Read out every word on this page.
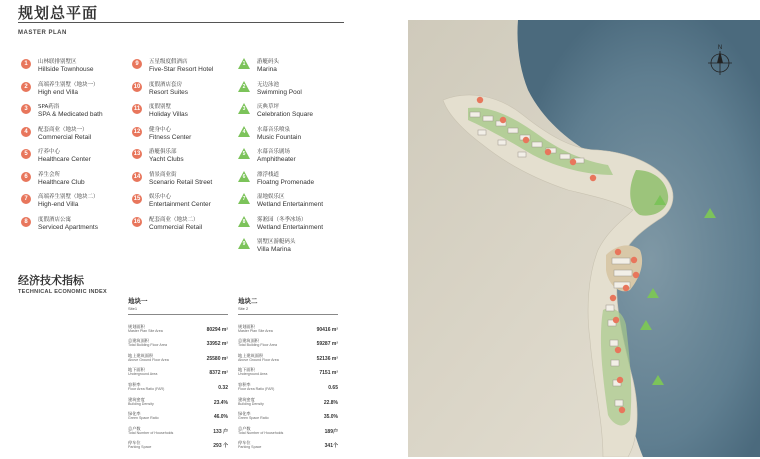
规划总平面
MASTER PLAN
1	山林联排别墅区
Hillside Townhouse
2	高端养生别墅（地块一）
High end Villa
3	SPA药浴
SPA & Medicated bath
4	配套商业（地块一）
Commercial Retail
5	疗养中心
Healthcare Center
6	养生会所
Healthcare Club
7	高端养生别墅（地块二）
High-end Villa
8	度假酒店公寓
Serviced Apartments
9	五星级度假酒店
Five-Star Resort Hotel
10	度假酒店套房
Resort Suites
11	度假别墅
Holiday Villas
12	健身中心
Fitness Center
13	游艇俱乐部
Yacht Clubs
14	情景商业街
Scenario Retail Street
15	娱乐中心
Entertainment Center
16	配套商业（地块二）
Commercial Retail
1 游艇码头
Marina
2 无边泳池
Swimming Pool
3 庆典草坪
Celebration Square
4 水幕音乐喷泉
Music Fountain
5 水幕音乐剧场
Amphitheater
6 漂浮栈道
Floatng Promenade
7 湿地娱乐区
Wetland Entertainment
8 雾凇园（冬季冰场）
Wetland Entertainment
9 别墅区游艇码头
Villa Marina
经济技术指标
TECHNICAL ECONOMIC INDEX
地块一
Site1
规划面积
Master Plan Site Area	80294 m²
总建筑面积
Total Building Floor Area	33952 m²
地上建筑面积
Above Ground Floor Area	25580 m²
地下面积
Underground Area	8372 m²
容积率
Floor Area Ratio (FAR)	0.32
建筑密度
Building Density	23.4%
绿化率
Green Space Ratio	46.0%
总户数
Total Number of Households	133 户
停车位
Parking Space	293 个
地块二
Site 2
规划面积
Master Plan Site Area	90416 m²
总建筑面积
Total Building Floor Area	59287 m²
地上建筑面积
Above Ground Floor Area	52136 m²
地下面积
Underground Area	7151 m²
容积率
Floor Area Ratio (FAR)	0.65
建筑密度
Building Density	22.8%
绿化率
Green Space Ratio	35.0%
总户数
Total Number of Households	189户
停车位
Parking Space	341个
N
